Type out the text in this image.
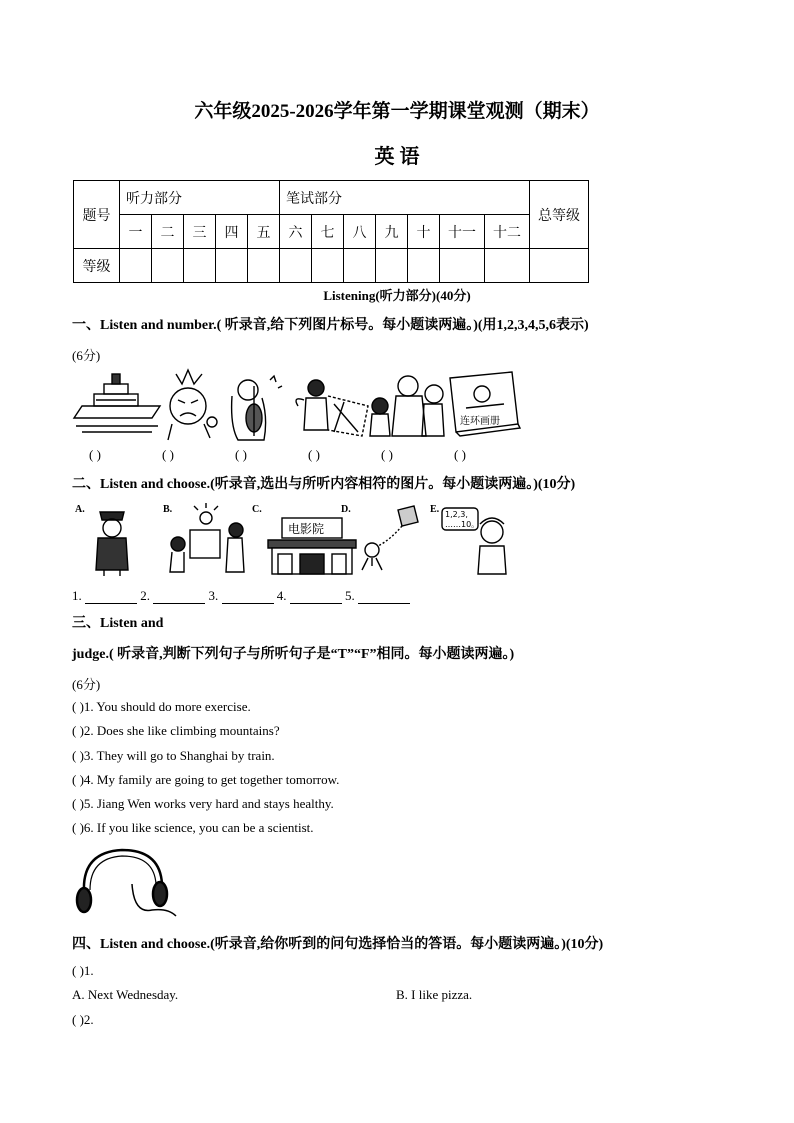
六年级2025-2026学年第一学期课堂观测（期末）
英 语
题号	听力部分					笔试部分							总等级
	一	二	三	四	五	六	七	八	九	十	十一	十二	
等级													
Listening(听力部分)(40分)
一、Listen and number.( 听录音,给下列图片标号。每小题读两遍。)(用1,2,3,4,5,6表示)
(6分)
连环画册
( )	( )	( )	( )	( )	( )
二、Listen and choose.(听录音,选出与所听内容相符的图片。每小题读两遍。)(10分)
A.	B.	C.	D.	E.
电影院
1,2,3,
……10。
1.	2.	3.	4.	5.
三、Listen and
judge.( 听录音,判断下列句子与所听句子是“T”“F”相同。每小题读两遍。)
(6分)
( )1. You should do more exercise.
( )2. Does she like climbing mountains?
( )3. They will go to Shanghai by train.
( )4. My family are going to get together tomorrow.
( )5. Jiang Wen works very hard and stays healthy.
( )6. If you like science, you can be a scientist.
四、Listen and choose.(听录音,给你听到的问句选择恰当的答语。每小题读两遍。)(10分)
( )1.
A. Next Wednesday.	B. I like pizza.
( )2.
